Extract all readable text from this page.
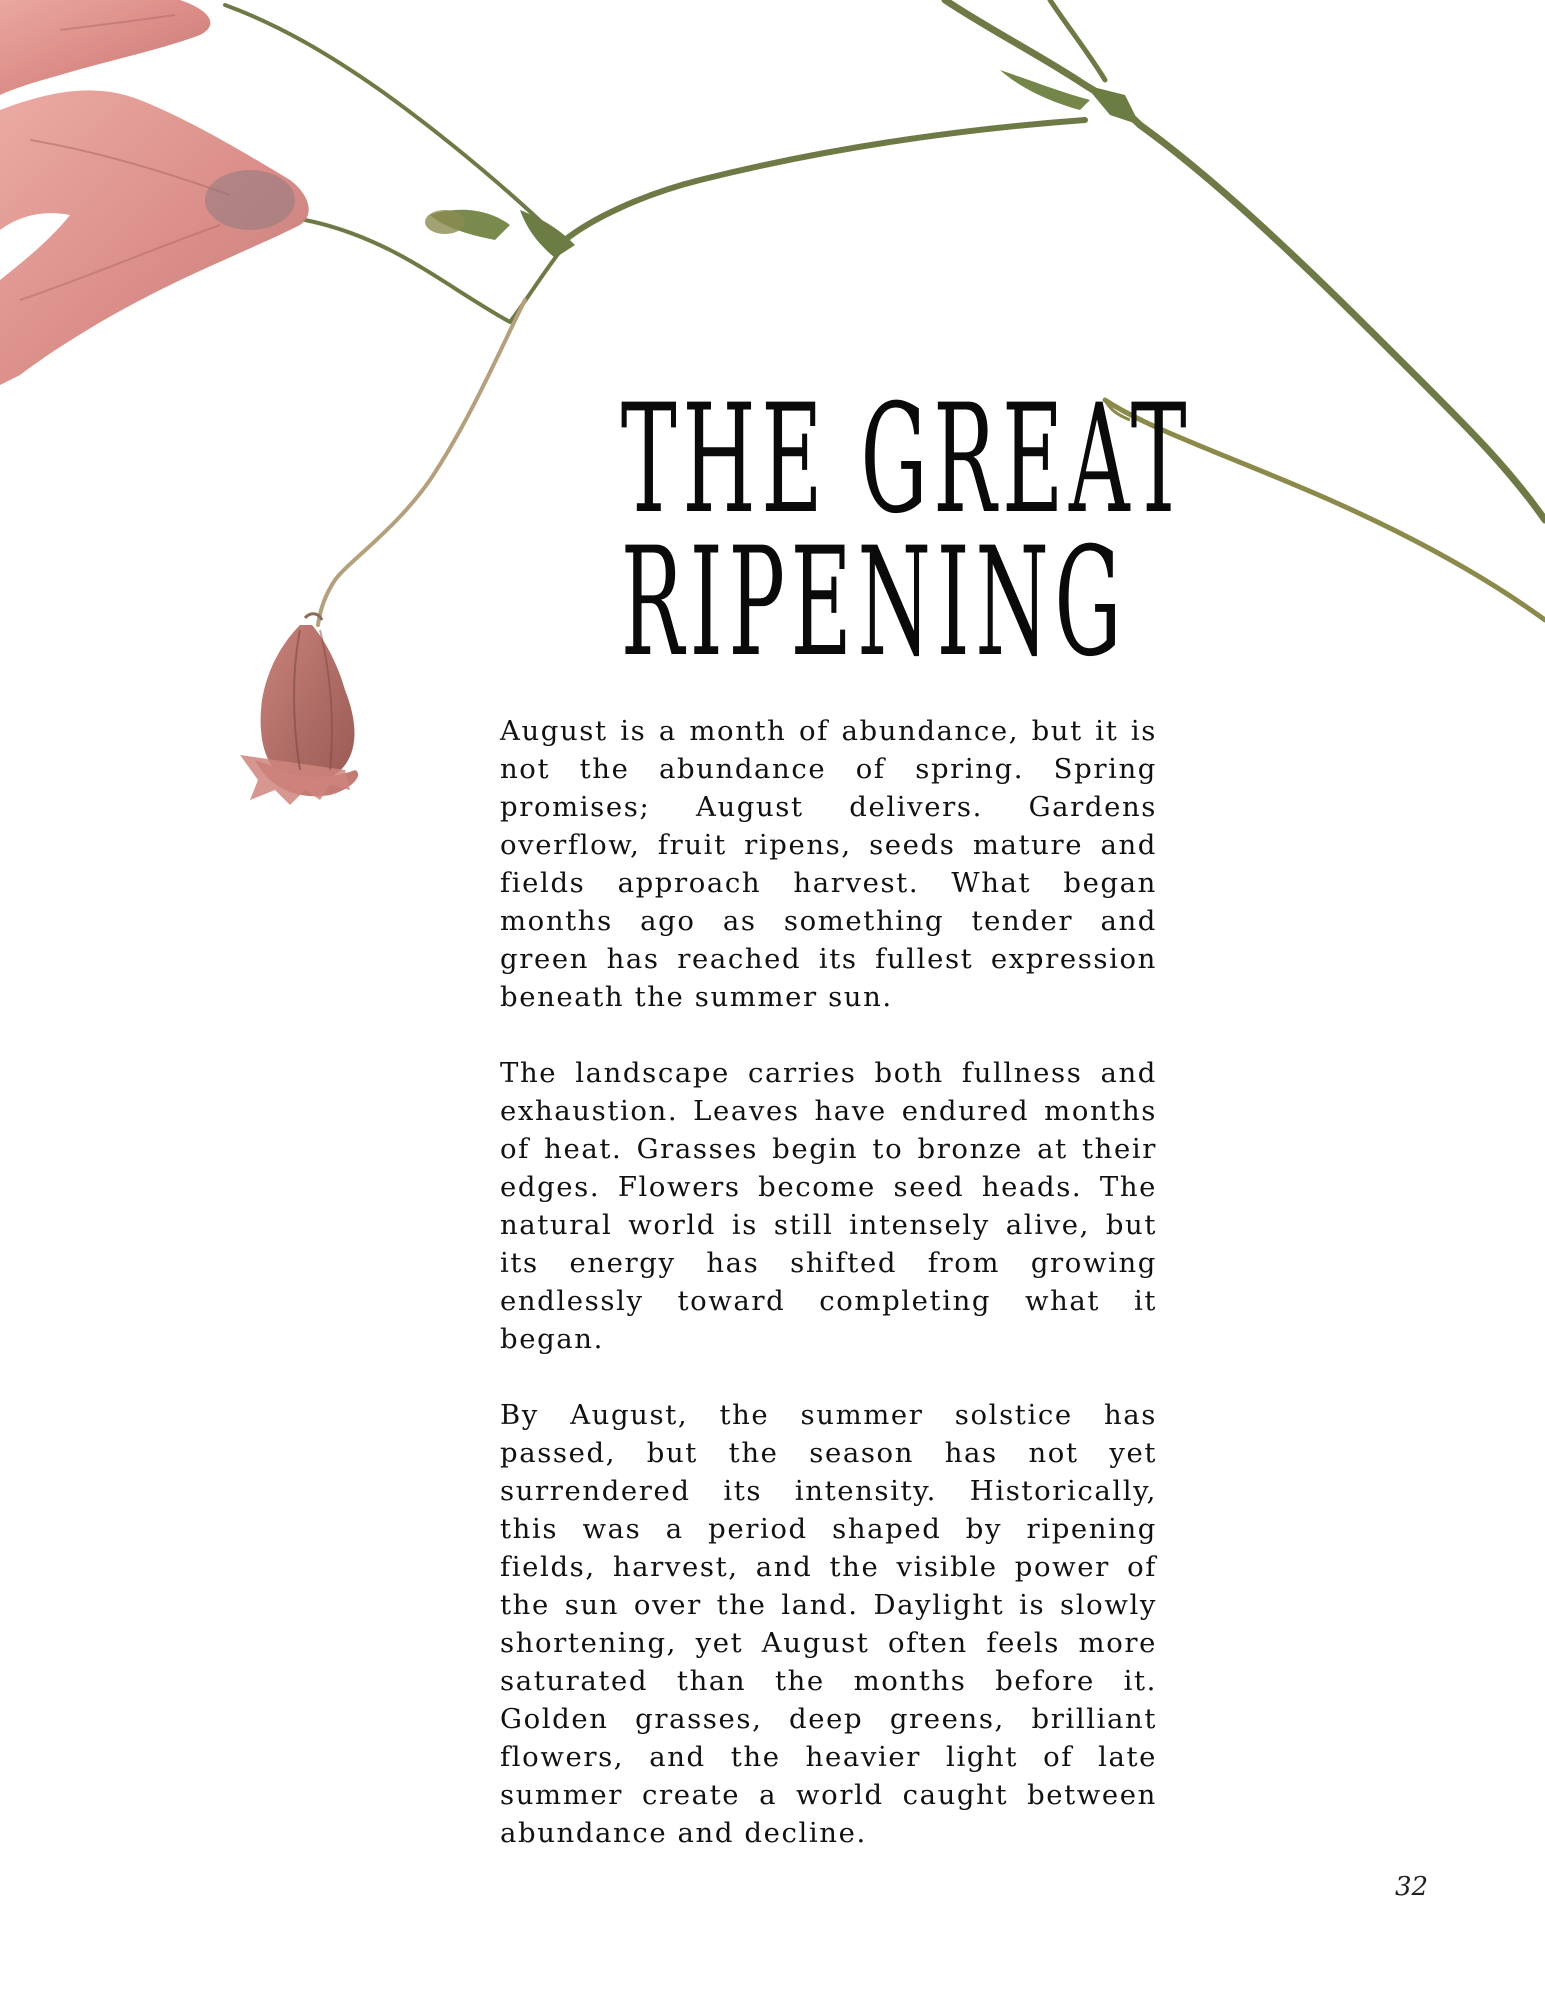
THE GREAT
RIPENING

August is a month of abundance, but it is not the abundance of spring. Spring promises; August delivers. Gardens overflow, fruit ripens, seeds mature and fields approach harvest. What began months ago as something tender and green has reached its fullest expression beneath the summer sun.

The landscape carries both fullness and exhaustion. Leaves have endured months of heat. Grasses begin to bronze at their edges. Flowers become seed heads. The natural world is still intensely alive, but its energy has shifted from growing endlessly toward completing what it began.

By August, the summer solstice has passed, but the season has not yet surrendered its intensity. Historically, this was a period shaped by ripening fields, harvest, and the visible power of the sun over the land. Daylight is slowly shortening, yet August often feels more saturated than the months before it. Golden grasses, deep greens, brilliant flowers, and the heavier light of late summer create a world caught between abundance and decline.

32
